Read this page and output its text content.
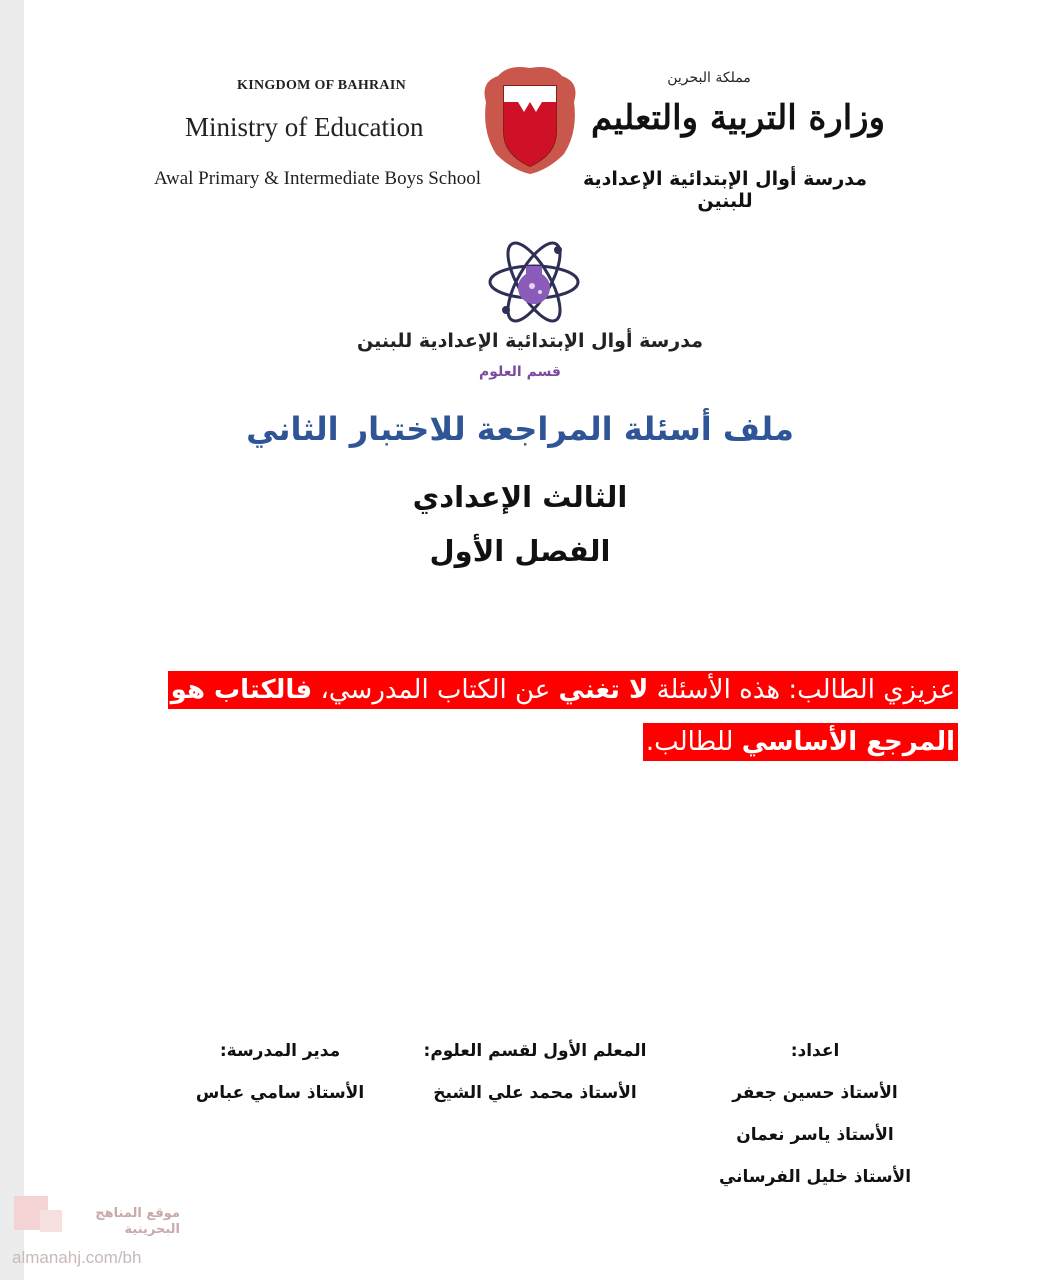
KINGDOM OF BAHRAIN
Ministry of Education
Awal Primary & Intermediate Boys School
مملكة البحرين
وزارة التربية والتعليم
مدرسة أوال الإبتدائية الإعدادية للبنين
مدرسة أوال الإبتدائية الإعدادية للبنين
قسم العلوم
ملف أسئلة المراجعة للاختبار الثاني
الثالث الإعدادي
الفصل الأول
عزيزي الطالب: هذه الأسئلة لا تغني عن الكتاب المدرسي، فالكتاب هو المرجع الأساسي للطالب.
اعداد:
الأستاذ حسين جعفر
الأستاذ ياسر نعمان
الأستاذ خليل الفرساني
المعلم الأول لقسم العلوم:
الأستاذ محمد علي الشيخ
مدير المدرسة:
الأستاذ سامي عباس
موقع المناهج البحرينية
almanahj.com/bh
